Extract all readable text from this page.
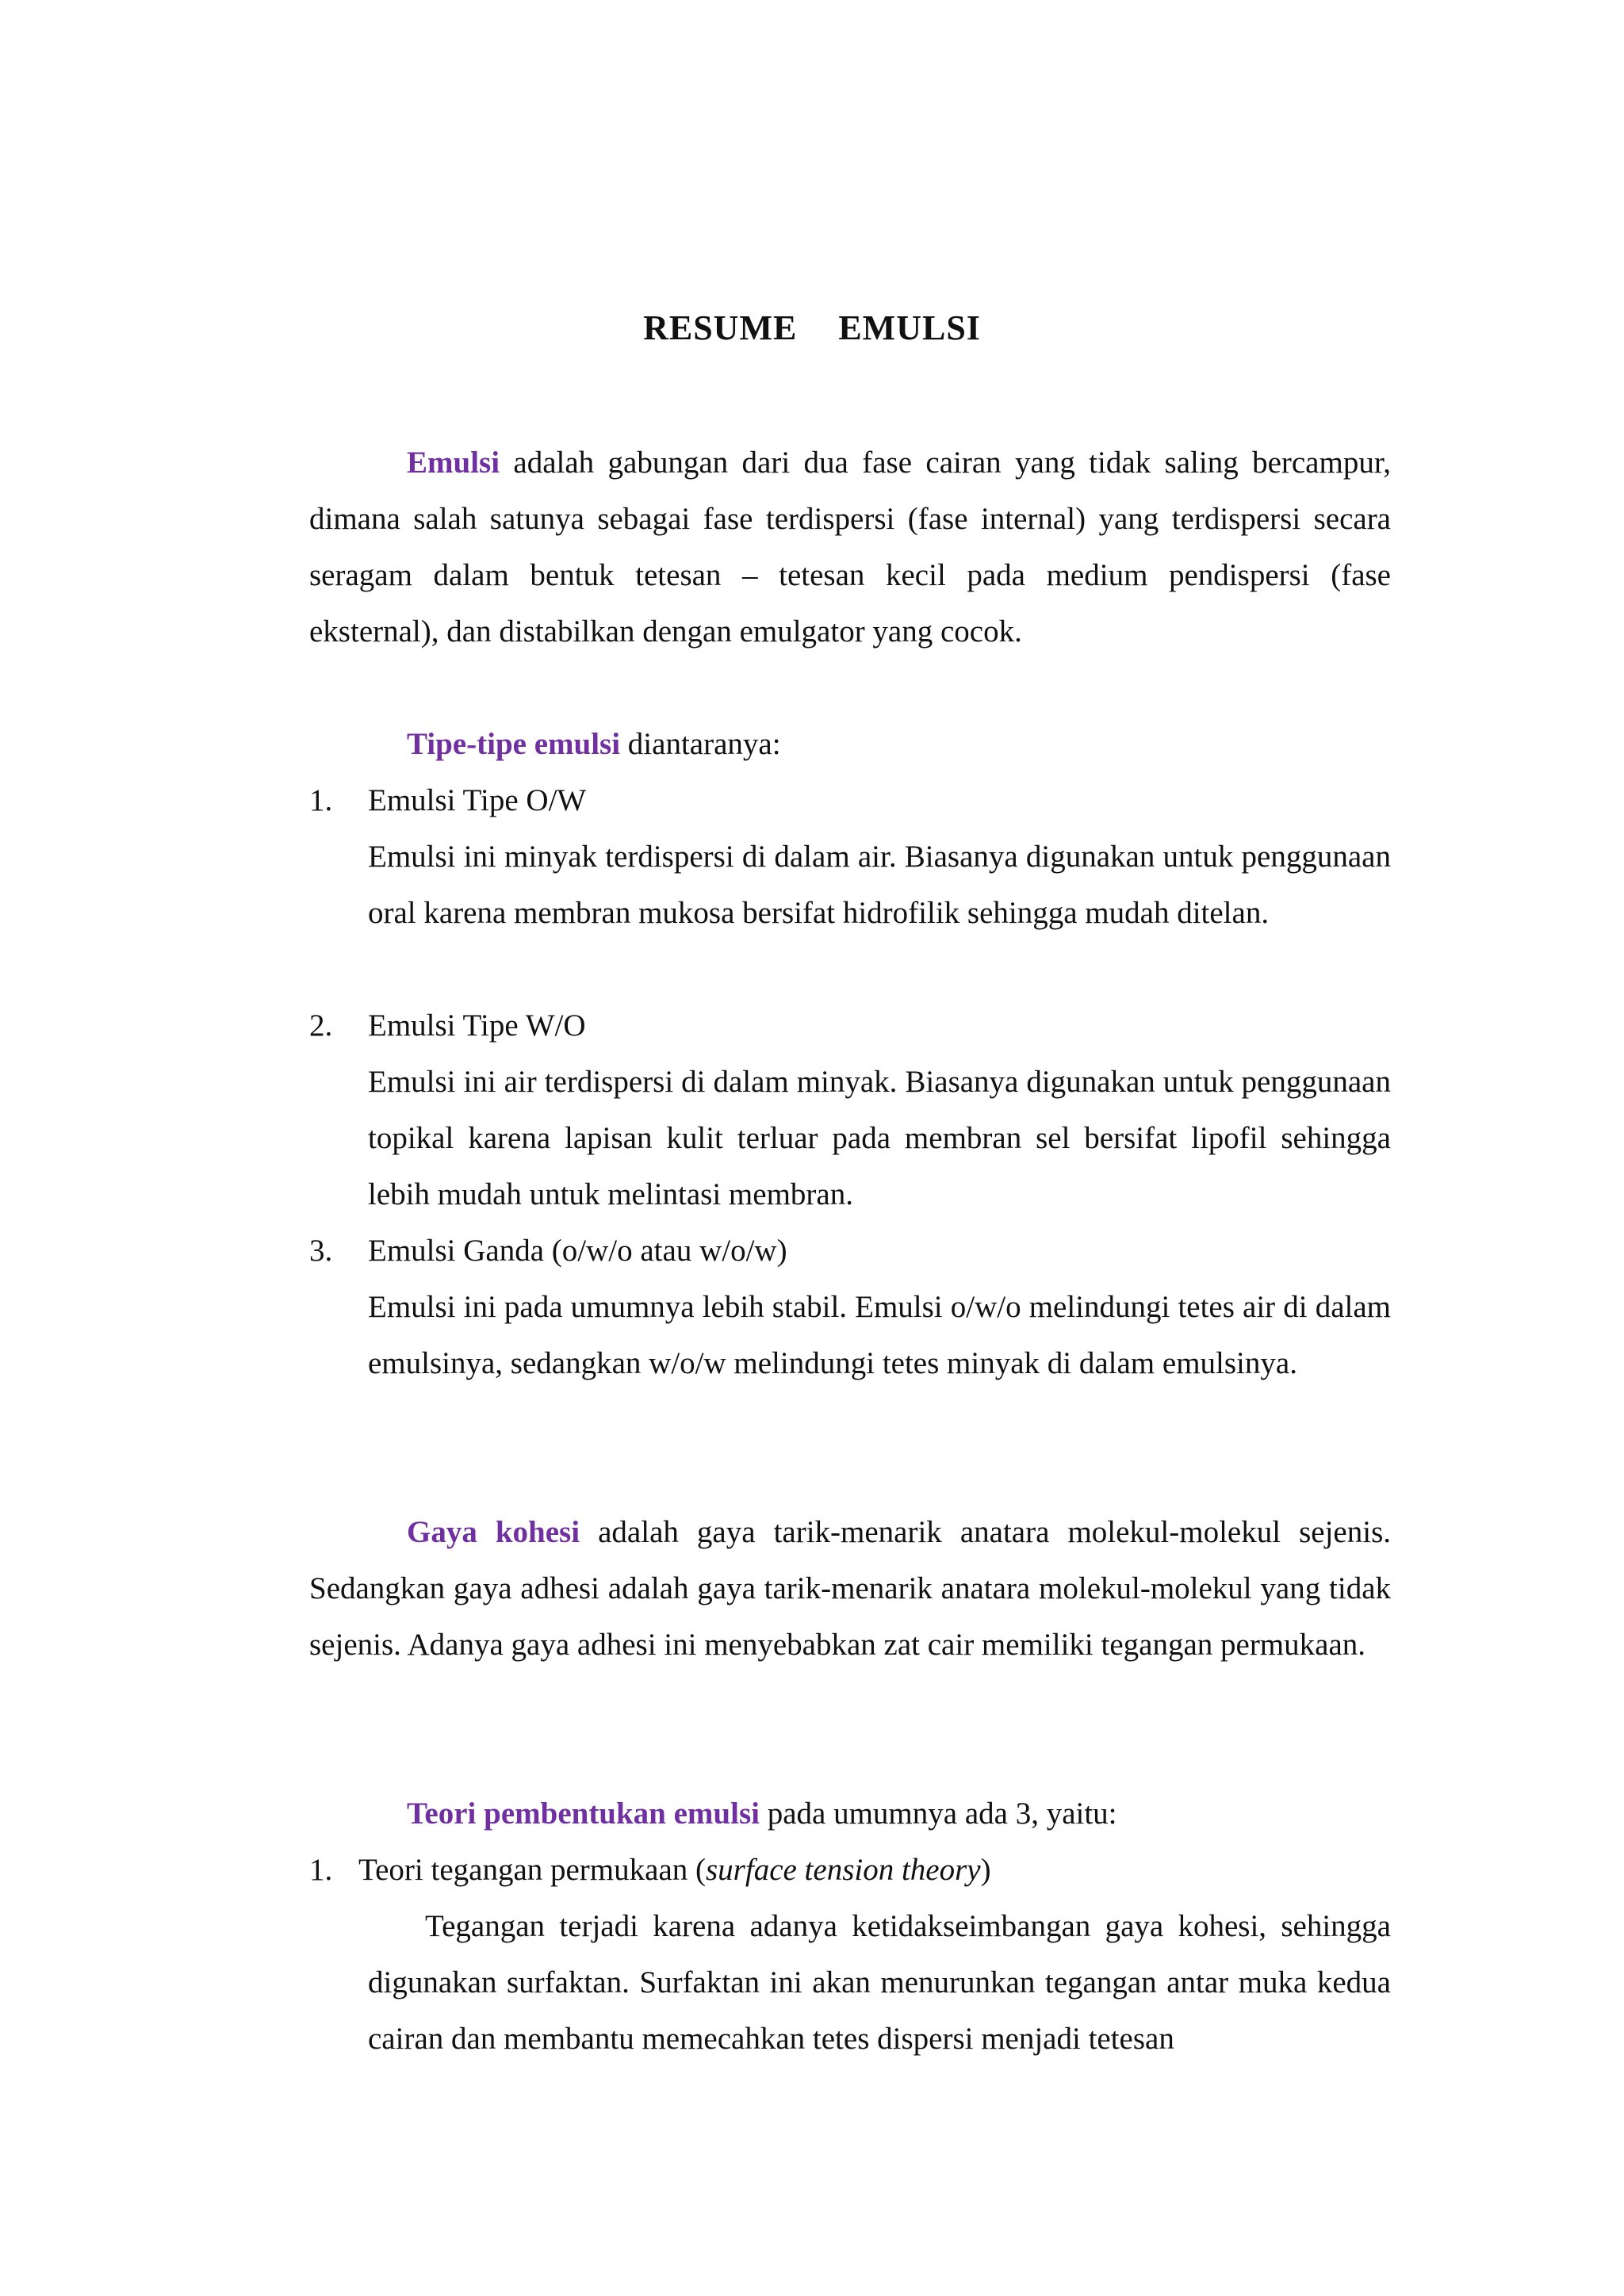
RESUME  EMULSI
Emulsi adalah gabungan dari dua fase cairan yang tidak saling bercampur, dimana salah satunya sebagai fase terdispersi (fase internal) yang terdispersi secara seragam dalam bentuk tetesan – tetesan kecil pada medium pendispersi (fase eksternal), dan distabilkan dengan emulgator yang cocok.
Tipe-tipe emulsi diantaranya:
1. Emulsi Tipe O/W
Emulsi ini minyak terdispersi di dalam air. Biasanya digunakan untuk penggunaan oral karena membran mukosa bersifat hidrofilik sehingga mudah ditelan.
2. Emulsi Tipe W/O
Emulsi ini air terdispersi di dalam minyak. Biasanya digunakan untuk penggunaan topikal karena lapisan kulit terluar pada membran sel bersifat lipofil sehingga lebih mudah untuk melintasi membran.
3. Emulsi Ganda (o/w/o atau w/o/w)
Emulsi ini pada umumnya lebih stabil. Emulsi o/w/o melindungi tetes air di dalam emulsinya, sedangkan w/o/w melindungi tetes minyak di dalam emulsinya.
Gaya kohesi adalah gaya tarik-menarik anatara molekul-molekul sejenis. Sedangkan gaya adhesi adalah gaya tarik-menarik anatara molekul-molekul yang tidak sejenis. Adanya gaya adhesi ini menyebabkan zat cair memiliki tegangan permukaan.
Teori pembentukan emulsi pada umumnya ada 3, yaitu:
1. Teori tegangan permukaan (surface tension theory)
Tegangan terjadi karena adanya ketidakseimbangan gaya kohesi, sehingga digunakan surfaktan. Surfaktan ini akan menurunkan tegangan antar muka kedua cairan dan membantu memecahkan tetes dispersi menjadi tetesan
